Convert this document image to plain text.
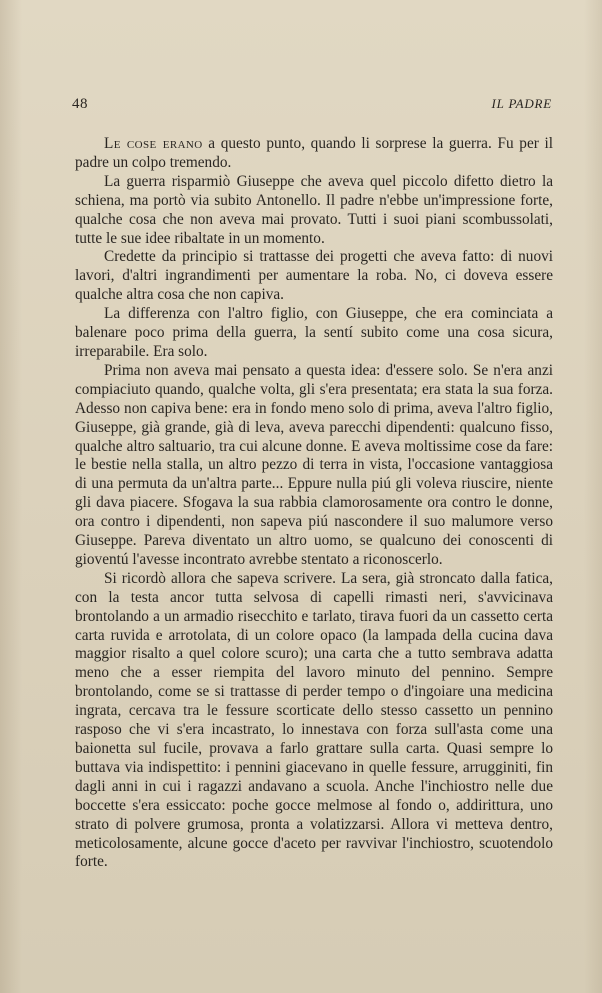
48	IL PADRE

Le cose erano a questo punto, quando li sorprese la guerra. Fu per il padre un colpo tremendo.

La guerra risparmiò Giuseppe che aveva quel piccolo difetto dietro la schiena, ma portò via subito Antonello. Il padre n'ebbe un'impressione forte, qualche cosa che non aveva mai provato. Tutti i suoi piani scombussolati, tutte le sue idee ribaltate in un momento.

Credette da principio si trattasse dei progetti che aveva fatto: di nuovi lavori, d'altri ingrandimenti per aumentare la roba. No, ci doveva essere qualche altra cosa che non capiva.

La differenza con l'altro figlio, con Giuseppe, che era cominciata a balenare poco prima della guerra, la sentí subito come una cosa sicura, irreparabile. Era solo.

Prima non aveva mai pensato a questa idea: d'essere solo. Se n'era anzi compiaciuto quando, qualche volta, gli s'era presentata; era stata la sua forza. Adesso non capiva bene: era in fondo meno solo di prima, aveva l'altro figlio, Giuseppe, già grande, già di leva, aveva parecchi dipendenti: qualcuno fisso, qualche altro saltuario, tra cui alcune donne. E aveva moltissime cose da fare: le bestie nella stalla, un altro pezzo di terra in vista, l'occasione vantaggiosa di una permuta da un'altra parte... Eppure nulla piú gli voleva riuscire, niente gli dava piacere. Sfogava la sua rabbia clamorosamente ora contro le donne, ora contro i dipendenti, non sapeva piú nascondere il suo malumore verso Giuseppe. Pareva diventato un altro uomo, se qualcuno dei conoscenti di gioventú l'avesse incontrato avrebbe stentato a riconoscerlo.

Si ricordò allora che sapeva scrivere. La sera, già stroncato dalla fatica, con la testa ancor tutta selvosa di capelli rimasti neri, s'avvicinava brontolando a un armadio risecchito e tarlato, tirava fuori da un cassetto certa carta ruvida e arrotolata, di un colore opaco (la lampada della cucina dava maggior risalto a quel colore scuro); una carta che a tutto sembrava adatta meno che a esser riempita del lavoro minuto del pennino. Sempre brontolando, come se si trattasse di perder tempo o d'ingoiare una medicina ingrata, cercava tra le fessure scorticate dello stesso cassetto un pennino rasposo che vi s'era incastrato, lo innestava con forza sull'asta come una baionetta sul fucile, provava a farlo grattare sulla carta. Quasi sempre lo buttava via indispettito: i pennini giacevano in quelle fessure, arrugginiti, fin dagli anni in cui i ragazzi andavano a scuola. Anche l'inchiostro nelle due boccette s'era essiccato: poche gocce melmose al fondo o, addirittura, uno strato di polvere grumosa, pronta a volatizzarsi. Allora vi metteva dentro, meticolosamente, alcune gocce d'aceto per ravvivar l'inchiostro, scuotendolo forte.
